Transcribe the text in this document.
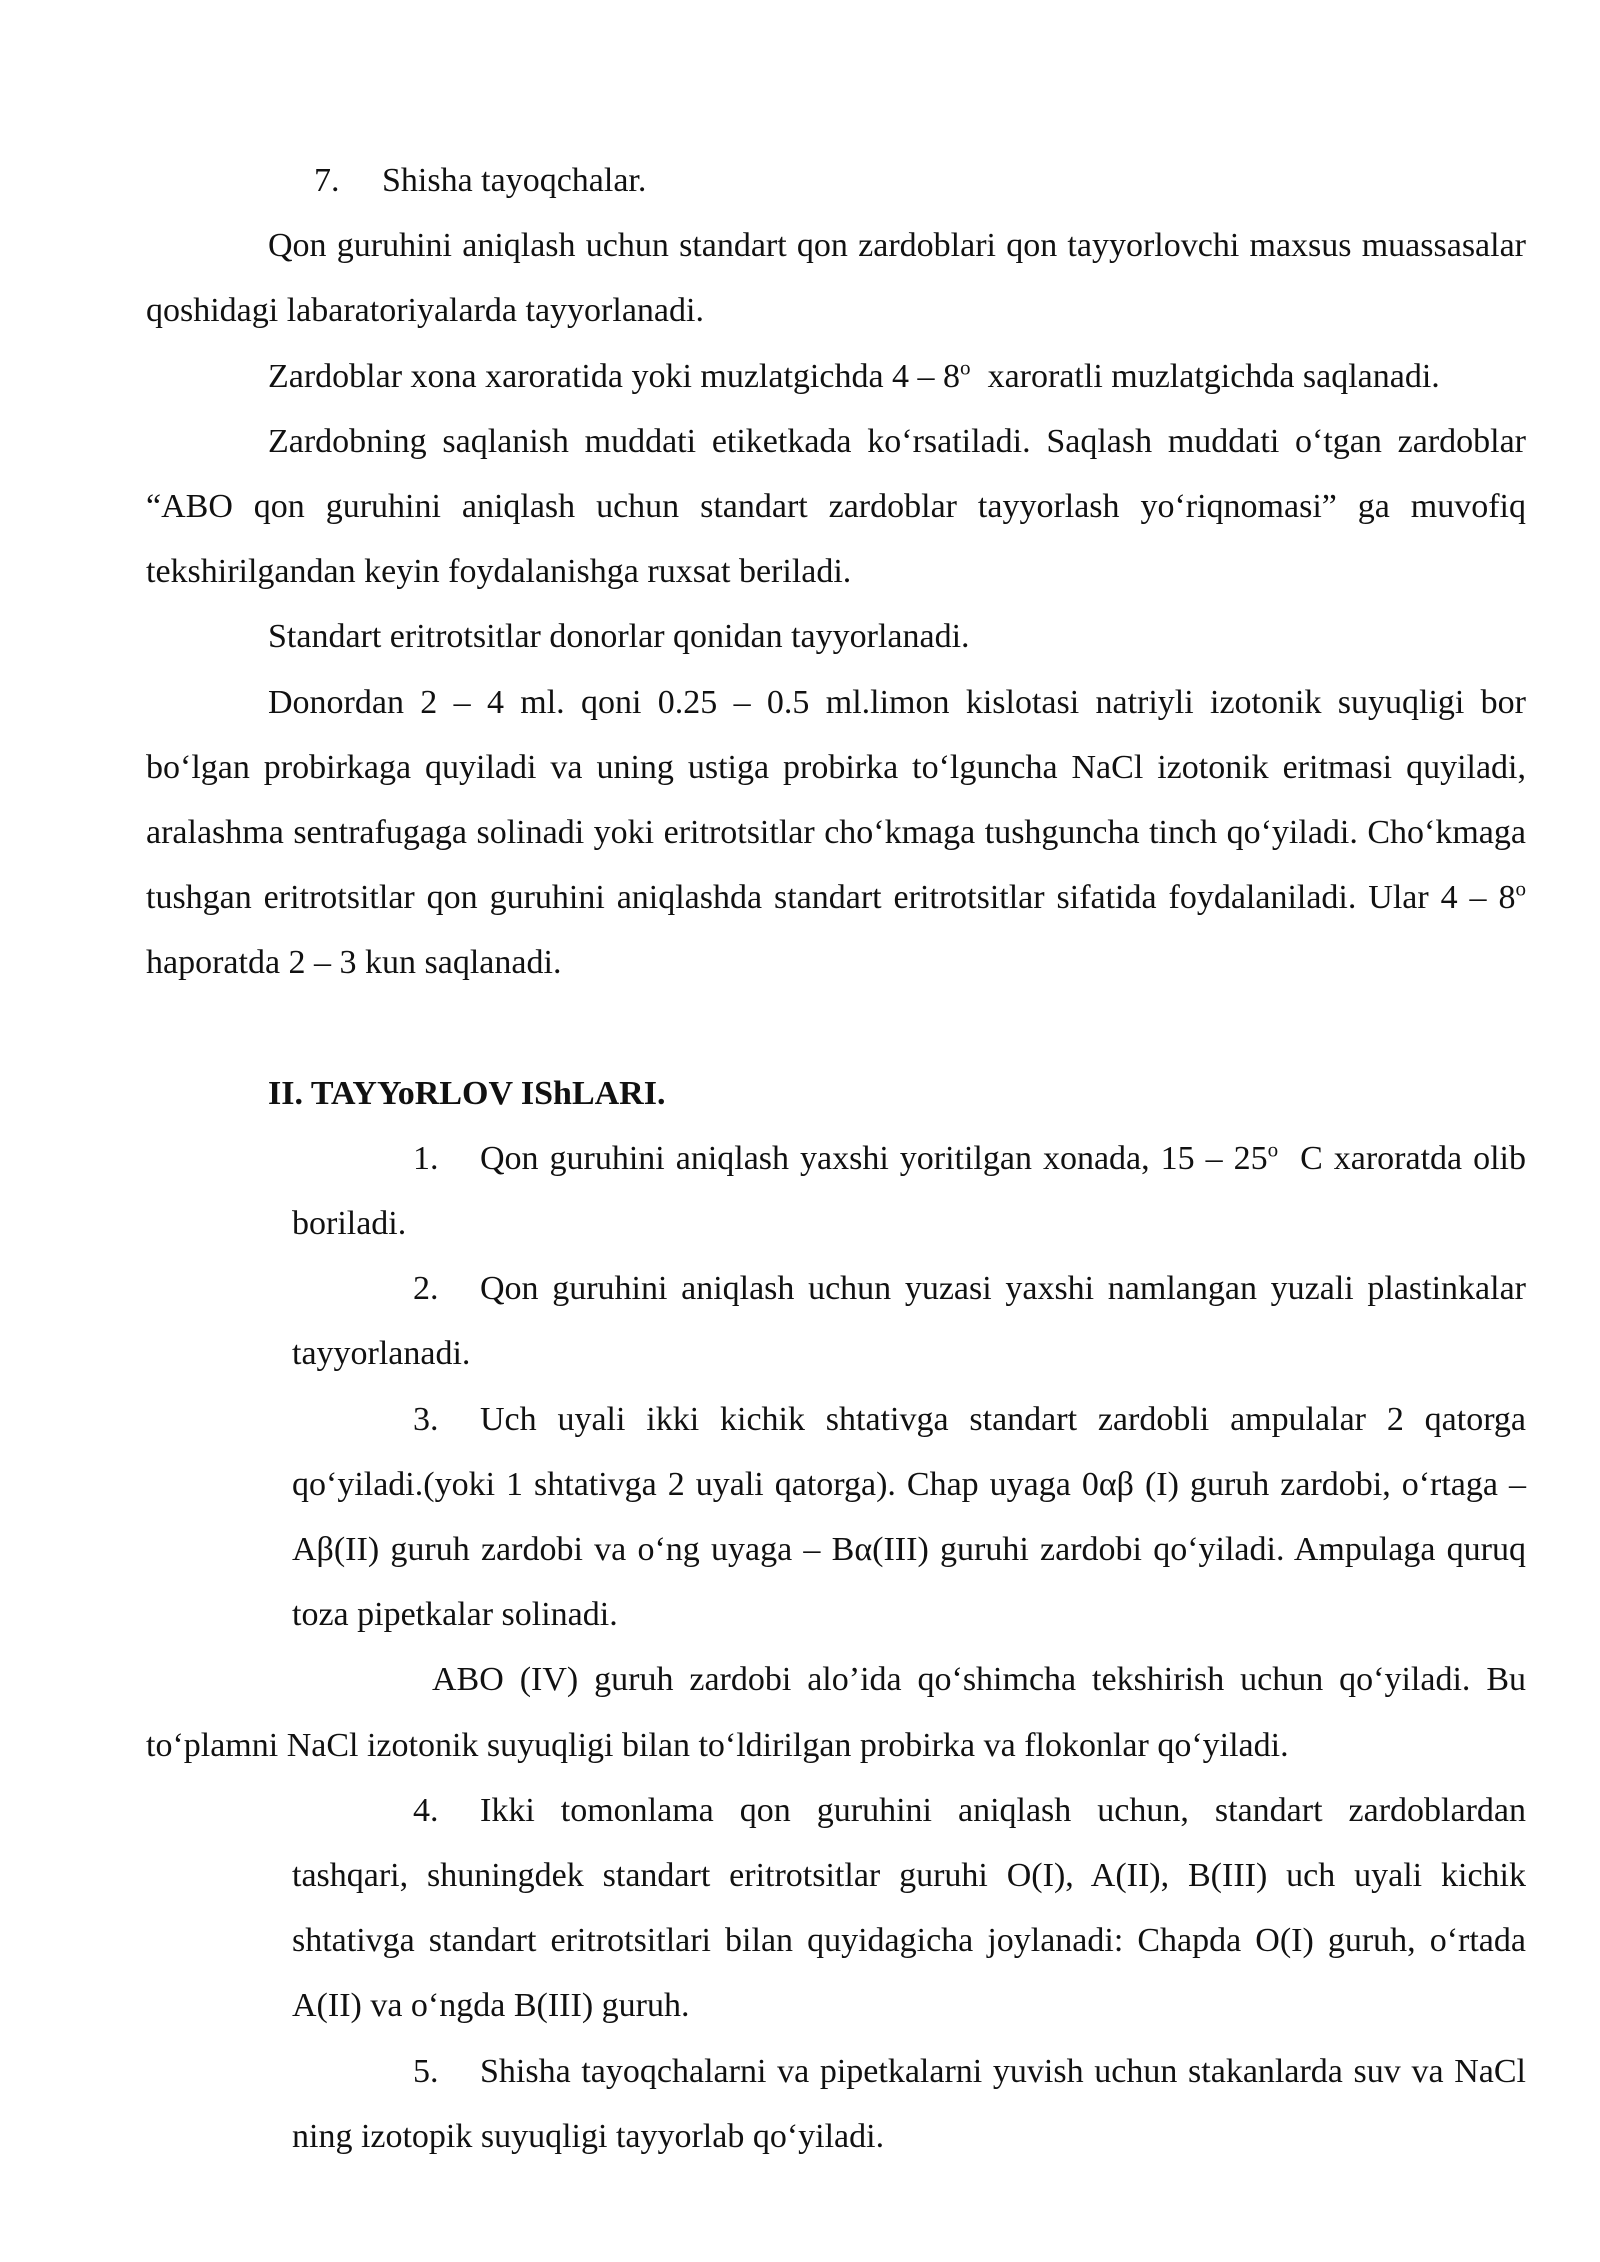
7. Shisha tayoqchalar.

Qon guruhini aniqlash uchun standart qon zardoblari qon tayyorlovchi maxsus muassasalar qoshidagi labaratoriyalarda tayyorlanadi.

Zardoblar xona xaroratida yoki muzlatgichda 4 – 8$^o$  xaroratli muzlatgichda saqlanadi.

Zardobning saqlanish muddati etiketkada ko‘rsatiladi. Saqlash muddati o‘tgan zardoblar “ABO qon guruhini aniqlash uchun standart zardoblar tayyorlash yo‘riqnomasi” ga muvofiq tekshirilgandan keyin foydalanishga ruxsat beriladi.

Standart eritrotsitlar donorlar qonidan tayyorlanadi.

Donordan 2 – 4 ml. qoni 0.25 – 0.5 ml.limon kislotasi natriyli izotonik suyuqligi bor bo‘lgan probirkaga quyiladi va uning ustiga probirka to‘lguncha NaCl izotonik eritmasi quyiladi, aralashma sentrafugaga solinadi yoki eritrotsitlar cho‘kmaga tushguncha tinch qo‘yiladi. Cho‘kmaga tushgan eritrotsitlar qon guruhini aniqlashda standart eritrotsitlar sifatida foydalaniladi. Ular 4 – 8$^o$  haporatda 2 – 3 kun saqlanadi.

II. TAYYoRLOV IShLARI.

1. Qon guruhini aniqlash yaxshi yoritilgan xonada, 15 – 25$^o$  C xaroratda olib boriladi.

2. Qon guruhini aniqlash uchun yuzasi yaxshi namlangan yuzali plastinkalar tayyorlanadi.

3. Uch uyali ikki kichik shtativga standart zardobli ampulalar 2 qatorga qo‘yiladi.(yoki 1 shtativga 2 uyali qatorga). Chap uyaga 0αβ (I) guruh zardobi, o‘rtaga – Aβ(II) guruh zardobi va o‘ng uyaga – Bα(III) guruhi zardobi qo‘yiladi. Ampulaga quruq toza pipetkalar solinadi.

ABO (IV) guruh zardobi alo’ida qo‘shimcha tekshirish uchun qo‘yiladi. Bu to‘plamni NaCl izotonik suyuqligi bilan to‘ldirilgan probirka va flokonlar qo‘yiladi.

4. Ikki tomonlama qon guruhini aniqlash uchun, standart zardoblardan tashqari, shuningdek standart eritrotsitlar guruhi O(I), A(II), B(III) uch uyali kichik shtativga standart eritrotsitlari bilan quyidagicha joylanadi: Chapda O(I) guruh, o‘rtada A(II) va o‘ngda B(III) guruh.

5. Shisha tayoqchalarni va pipetkalarni yuvish uchun stakanlarda suv va NaCl ning izotopik suyuqligi tayyorlab qo‘yiladi.
